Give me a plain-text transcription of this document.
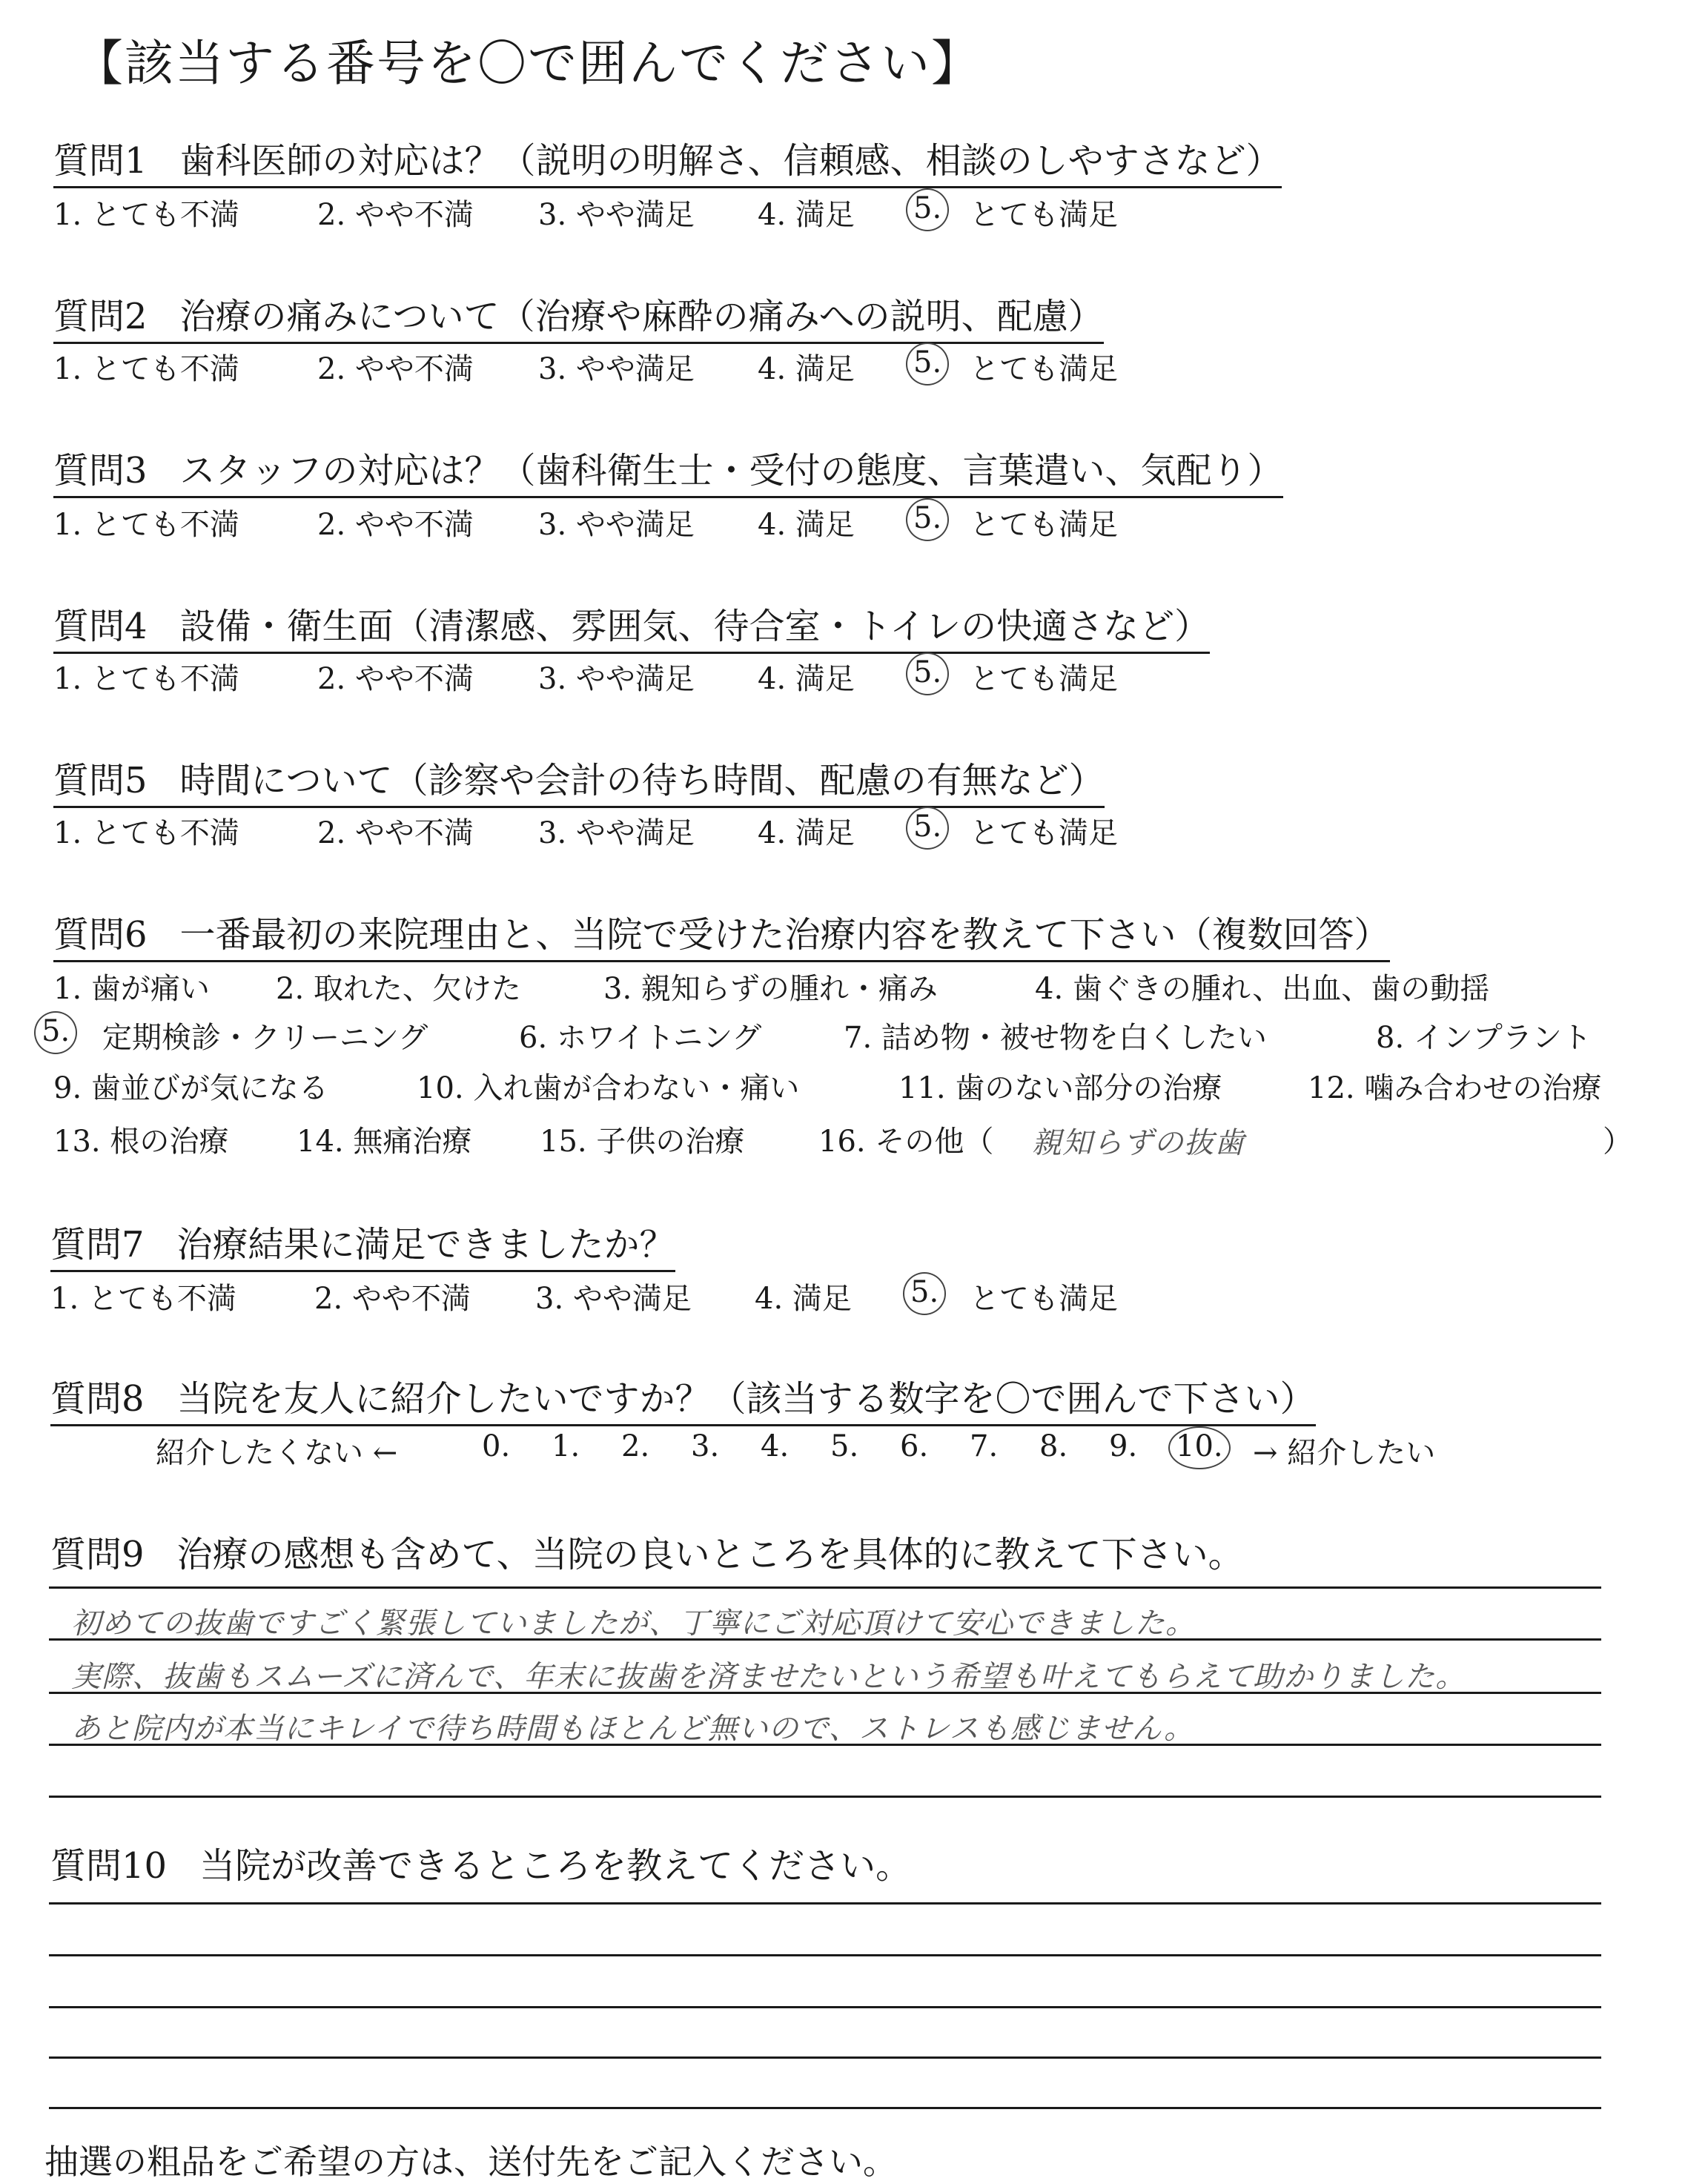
【該当する番号を〇で囲んでください】
質問1 歯科医師の対応は？（説明の明解さ、信頼感、相談のしやすさなど）
1. とても不満	2. やや不満 3. やや満足 4. 満足 5. とても満足
質問2 治療の痛みについて（治療や麻酔の痛みへの説明、配慮）
1. とても不満	2. やや不満 3. やや満足 4. 満足 5. とても満足
質問3 スタッフの対応は？（歯科衛生士・受付の態度、言葉遣い、気配り）
1. とても不満	2. やや不満 3. やや満足 4. 満足 5. とても満足
質問4 設備・衛生面（清潔感、雰囲気、待合室・トイレの快適さなど）
1. とても不満	2. やや不満 3. やや満足 4. 満足 5. とても満足
質問5 時間について（診察や会計の待ち時間、配慮の有無など）
1. とても不満	2. やや不満 3. やや満足 4. 満足 5. とても満足
質問6 一番最初の来院理由と、当院で受けた治療内容を教えて下さい（複数回答）
1. 歯が痛い 2. 取れた、欠けた	3. 親知らずの腫れ・痛み	4. 歯ぐきの腫れ、出血、歯の動揺
5. 定期検診・クリーニング	6. ホワイトニング	7. 詰め物・被せ物を白くしたい	8. インプラント
9. 歯並びが気になる	10. 入れ歯が合わない・痛い	11. 歯のない部分の治療	12. 噛み合わせの治療
13. 根の治療 14. 無痛治療 15. 子供の治療 16. その他（ 親知らずの抜歯	）
質問7 治療結果に満足できましたか？
1. とても不満	2. やや不満 3. やや満足 4. 満足 5. とても満足
質問8 当院を友人に紹介したいですか？（該当する数字を〇で囲んで下さい）
紹介したくない ←	0. 1. 2. 3. 4. 5. 6. 7. 8. 9. 10. → 紹介したい
質問9 治療の感想も含めて、当院の良いところを具体的に教えて下さい。
初めての抜歯ですごく緊張していましたが、丁寧にご対応頂けて安心できました。
実際、抜歯もスムーズに済んで、年末に抜歯を済ませたいという希望も叶えてもらえて助かりました。
あと院内が本当にキレイで待ち時間もほとんど無いので、ストレスも感じません。
質問10 当院が改善できるところを教えてください。
抽選の粗品をご希望の方は、送付先をご記入ください。
